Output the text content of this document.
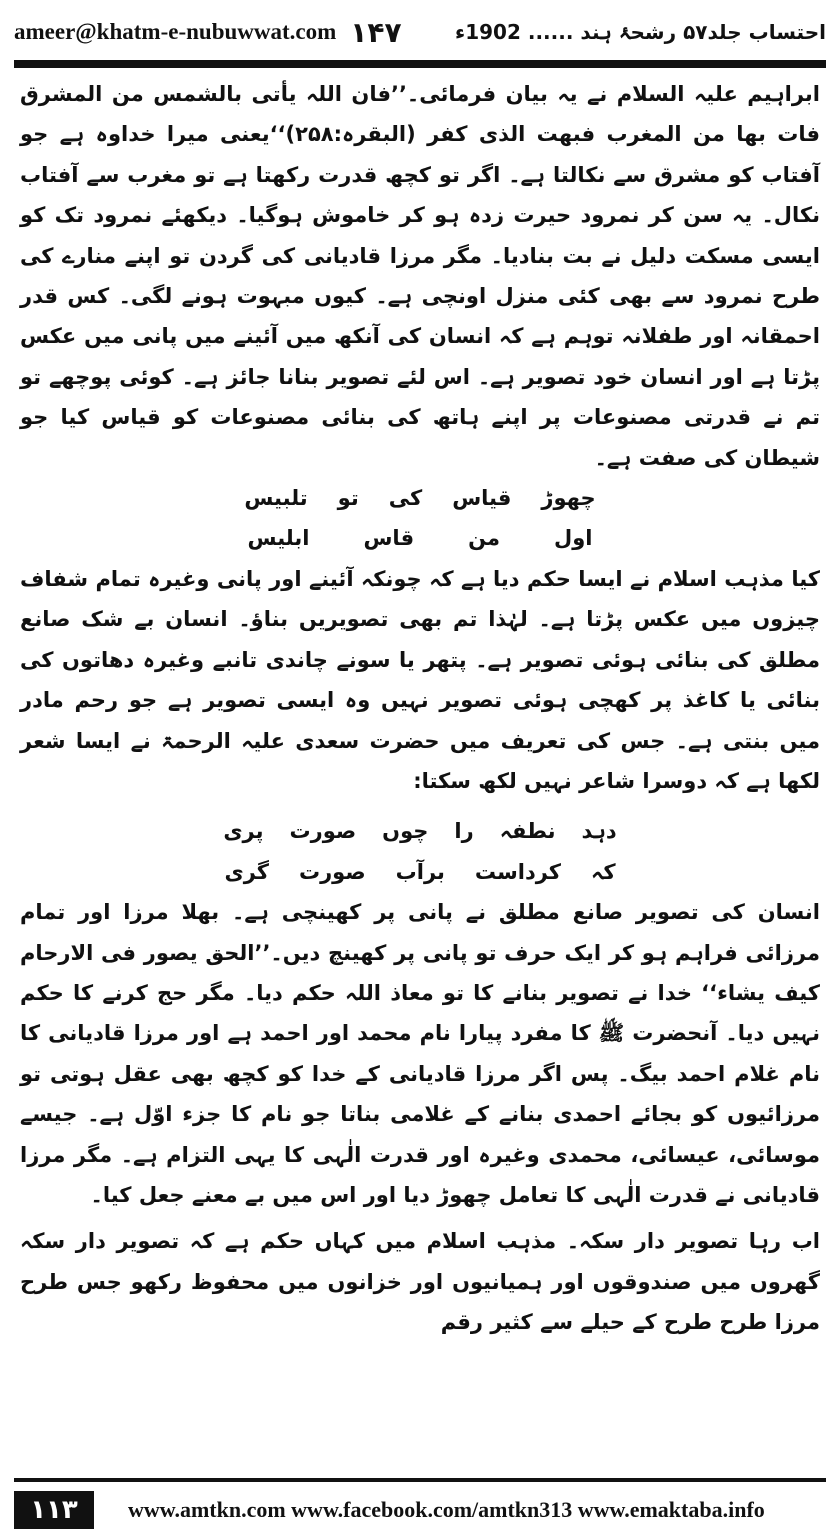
ameer@khatm-e-nubuwwat.com ۱۴۷	احتساب جلد۵۷ رشحۂ ہند ...... 1902ء

ابراہیم علیہ السلام نے یہ بیان فرمائی۔’’فان اللہ یأتی بالشمس من المشرق فات بھا من المغرب فبھت الذی کفر (البقرہ:۲۵۸)‘‘یعنی میرا خداوہ ہے جو آفتاب کو مشرق سے نکالتا ہے۔ اگر تو کچھ قدرت رکھتا ہے تو مغرب سے آفتاب نکال۔ یہ سن کر نمرود حیرت زدہ ہو کر خاموش ہوگیا۔ دیکھئے نمرود تک کو ایسی مسکت دلیل نے بت بنادیا۔ مگر مرزا قادیانی کی گردن تو اپنے منارے کی طرح نمرود سے بھی کئی منزل اونچی ہے۔ کیوں مبہوت ہونے لگی۔ کس قدر احمقانہ اور طفلانہ توہم ہے کہ انسان کی آنکھ میں آئینے میں پانی میں عکس پڑتا ہے اور انسان خود تصویر ہے۔ اس لئے تصویر بنانا جائز ہے۔ کوئی پوچھے تو تم نے قدرتی مصنوعات پر اپنے ہاتھ کی بنائی مصنوعات کو قیاس کیا جو شیطان کی صفت ہے۔

چھوڑ
قیاس
کی
تو
تلبیس
اول
من
قاس
ابلیس

کیا مذہب اسلام نے ایسا حکم دیا ہے کہ چونکہ آئینے اور پانی وغیرہ تمام شفاف چیزوں میں عکس پڑتا ہے۔ لہٰذا تم بھی تصویریں بناؤ۔ انسان بے شک صانع مطلق کی بنائی ہوئی تصویر ہے۔ پتھر یا سونے چاندی تانبے وغیرہ دھاتوں کی بنائی یا کاغذ پر کھچی ہوئی تصویر نہیں وہ ایسی تصویر ہے جو رحم مادر میں بنتی ہے۔ جس کی تعریف میں حضرت سعدی علیہ الرحمۃ نے ایسا شعر لکھا ہے کہ دوسرا شاعر نہیں لکھ سکتا:

دہد
نطفہ
را
چوں
صورت
پری
کہ
کرداست
برآب
صورت
گری

انسان کی تصویر صانع مطلق نے پانی پر کھینچی ہے۔ بھلا مرزا اور تمام مرزائی فراہم ہو کر ایک حرف تو پانی پر کھینچ دیں۔’’الحق یصور فی الارحام کیف یشاء‘‘ خدا نے تصویر بنانے کا تو معاذ اللہ حکم دیا۔ مگر حج کرنے کا حکم نہیں دیا۔ آنحضرت ﷺ کا مفرد پیارا نام محمد اور احمد ہے اور مرزا قادیانی کا نام غلام احمد بیگ۔ پس اگر مرزا قادیانی کے خدا کو کچھ بھی عقل ہوتی تو مرزائیوں کو بجائے احمدی بنانے کے غلامی بناتا جو نام کا جزء اوّل ہے۔ جیسے موسائی، عیسائی، محمدی وغیرہ اور قدرت الٰہی کا یہی التزام ہے۔ مگر مرزا قادیانی نے قدرت الٰہی کا تعامل چھوڑ دیا اور اس میں بے معنے جعل کیا۔

اب رہا تصویر دار سکہ۔ مذہب اسلام میں کہاں حکم ہے کہ تصویر دار سکہ گھروں میں صندوقوں اور ہمیانیوں اور خزانوں میں محفوظ رکھو جس طرح مرزا طرح طرح کے حیلے سے کثیر رقم

۱۱۳	www.amtkn.com www.facebook.com/amtkn313 www.emaktaba.info
